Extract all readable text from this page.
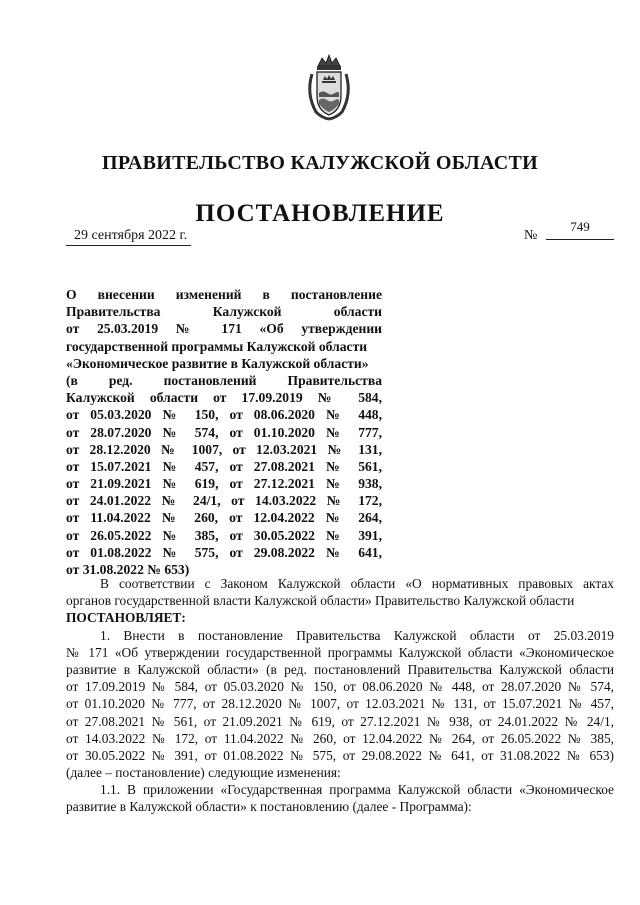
ПРАВИТЕЛЬСТВО КАЛУЖСКОЙ ОБЛАСТИ
ПОСТАНОВЛЕНИЕ
29 сентября 2022 г.	№
749
О внесении изменений в постановление
Правительства Калужской области
от 25.03.2019 № 171 «Об утверждении
государственной программы Калужской области
«Экономическое развитие в Калужской области»
(в ред. постановлений Правительства
Калужской области от 17.09.2019 № 584,
от 05.03.2020 № 150, от 08.06.2020 № 448,
от 28.07.2020 № 574, от 01.10.2020 № 777,
от 28.12.2020 № 1007, от 12.03.2021 № 131,
от 15.07.2021 № 457, от 27.08.2021 № 561,
от 21.09.2021 № 619, от 27.12.2021 № 938,
от 24.01.2022 № 24/1, от 14.03.2022 № 172,
от 11.04.2022 № 260, от 12.04.2022 № 264,
от 26.05.2022 № 385, от 30.05.2022 № 391,
от 01.08.2022 № 575, от 29.08.2022 № 641,
от 31.08.2022 № 653)
В соответствии с Законом Калужской области «О нормативных правовых актах
органов государственной власти Калужской области» Правительство Калужской области
ПОСТАНОВЛЯЕТ:
1. Внести в постановление Правительства Калужской области от 25.03.2019
№ 171 «Об утверждении государственной программы Калужской области «Экономическое
развитие в Калужской области» (в ред. постановлений Правительства Калужской области
от 17.09.2019 № 584, от 05.03.2020 № 150, от 08.06.2020 № 448, от 28.07.2020 № 574,
от 01.10.2020 № 777, от 28.12.2020 № 1007, от 12.03.2021 № 131, от 15.07.2021 № 457,
от 27.08.2021 № 561, от 21.09.2021 № 619, от 27.12.2021 № 938, от 24.01.2022 № 24/1,
от 14.03.2022 № 172, от 11.04.2022 № 260, от 12.04.2022 № 264, от 26.05.2022 № 385,
от 30.05.2022 № 391, от 01.08.2022 № 575, от 29.08.2022 № 641, от 31.08.2022 № 653)
(далее – постановление) следующие изменения:
1.1. В приложении «Государственная программа Калужской области «Экономическое
развитие в Калужской области» к постановлению (далее - Программа):
